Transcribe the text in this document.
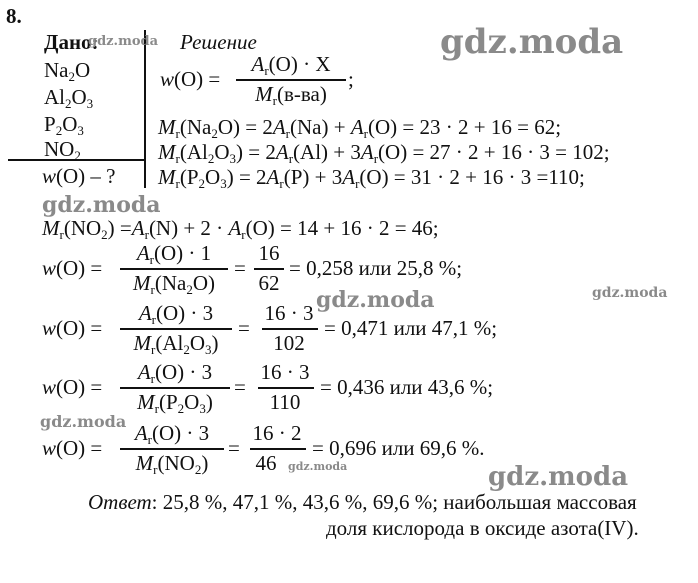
8.
Дано:
$Na_2O$
$Al_2O_3$
$P_2O_3$
$NO_2$
w(O) – ?
Решение
w(O) =
$A_r(O) \cdot X$
$M_r(в-ва)$
;
$M_r(Na_2O) = 2A_r(Na) + A_r(O) = 23 \cdot 2 + 16 = 62$;
$M_r(Al_2O_3) = 2A_r(Al) + 3A_r(O) = 27 \cdot 2 + 16 \cdot 3 = 102$;
$M_r(P_2O_3) = 2A_r(P) + 3A_r(O) = 31 \cdot 2 + 16 \cdot 3 =110$;
$M_r(NO_2) =A_r(N) + 2 \cdot A_r(O) = 14 + 16 \cdot 2 = 46$;
w(O) =
$A_r(O) \cdot 1$
$M_r(Na_2O)$
=
16
62
= 0,258 или 25,8 %;
w(O) =
$A_r(O) \cdot 3$
$M_r(Al_2O_3)$
=
16 · 3
102
= 0,471 или 47,1 %;
w(O) =
$A_r(O) \cdot 3$
$M_r(P_2O_3)$
=
16 · 3
110
= 0,436 или 43,6 %;
w(O) =
$A_r(O) \cdot 3$
$M_r(NO_2)$
=
16 · 2
46
= 0,696 или 69,6 %.
Ответ: 25,8 %, 47,1 %, 43,6 %, 69,6 %; наибольшая массовая
доля кислорода в оксиде азота(IV).
gdz.moda	gdz.moda
gdz.moda
gdz.moda	gdz.moda
gdz.moda
gdz.moda
gdz.moda
